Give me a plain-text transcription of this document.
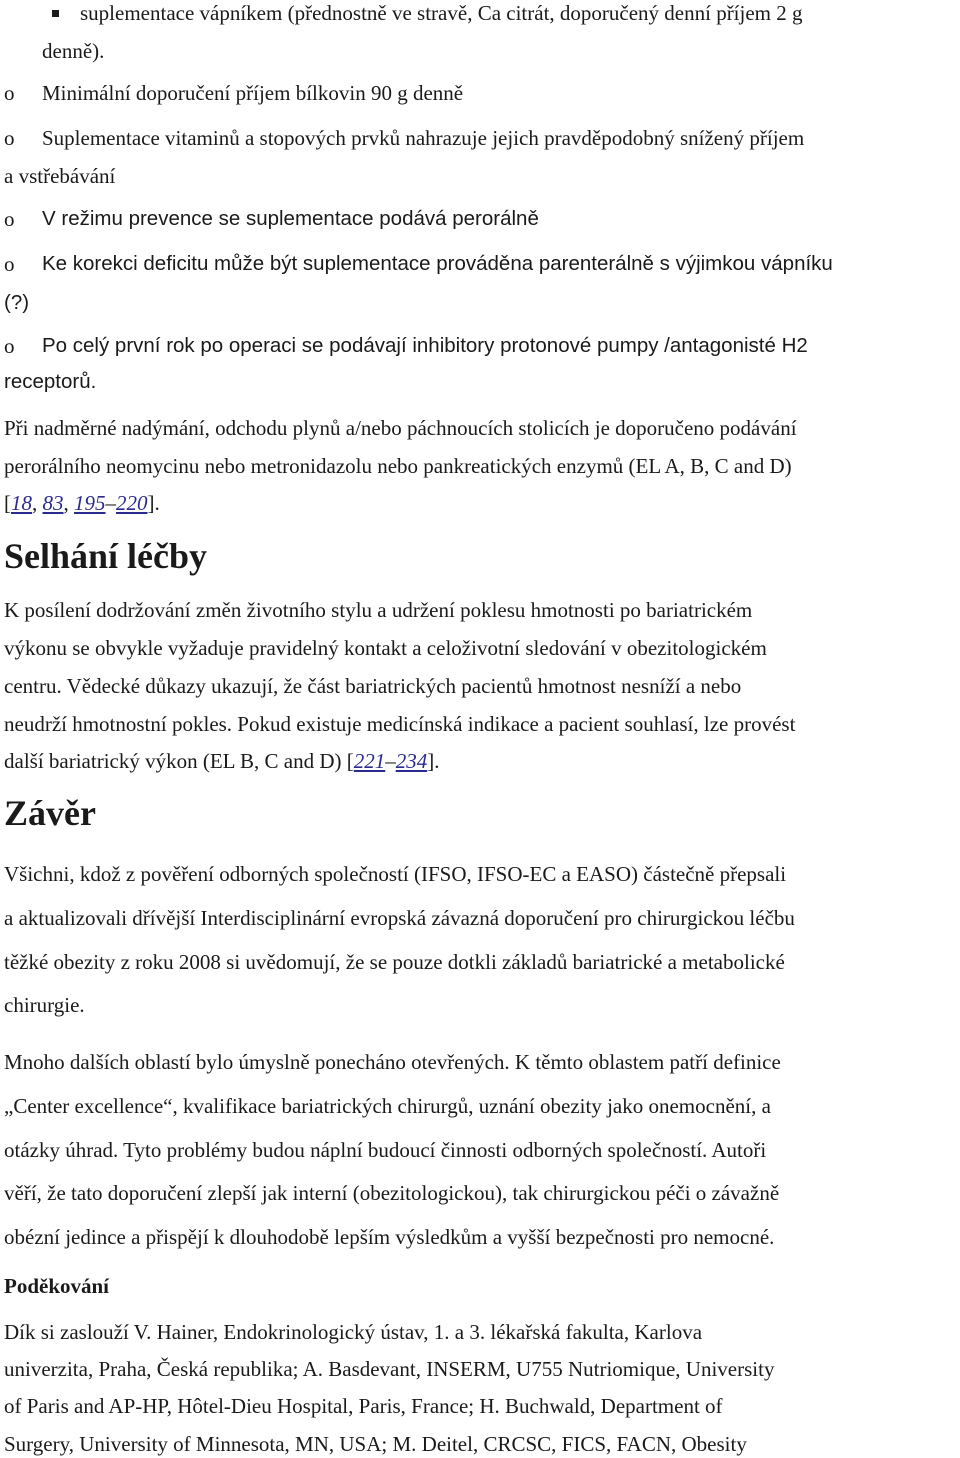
suplementace vápníkem (přednostně ve stravě, Ca citrát, doporučený denní příjem 2 g
denně).
o Minimální doporučení příjem bílkovin 90 g denně
o Suplementace vitaminů a stopových prvků nahrazuje jejich pravděpodobný snížený příjem
a vstřebávání
o V režimu prevence se suplementace podává perorálně
o Ke korekci deficitu může být suplementace prováděna parenterálně s výjimkou vápníku
(?)
o Po celý první rok po operaci se podávají inhibitory protonové pumpy /antagonisté H2
receptorů.
Při nadměrné nadýmání, odchodu plynů a/nebo páchnoucích stolicích je doporučeno podávání
perorálního neomycinu nebo metronidazolu nebo pankreatických enzymů (EL A, B, C and D)
[18, 83, 195–220].
Selhání léčby
K posílení dodržování změn životního stylu a udržení poklesu hmotnosti po bariatrickém
výkonu se obvykle vyžaduje pravidelný kontakt a celoživotní sledování v obezitologickém
centru. Vědecké důkazy ukazují, že část bariatrických pacientů hmotnost nesníží a nebo
neudrží hmotnostní pokles. Pokud existuje medicínská indikace a pacient souhlasí, lze provést
další bariatrický výkon (EL B, C and D) [221–234].
Závěr
Všichni, kdož z pověření odborných společností (IFSO, IFSO-EC a EASO) částečně přepsali
a aktualizovali dřívější Interdisciplinární evropská závazná doporučení pro chirurgickou léčbu
těžké obezity z roku 2008 si uvědomují, že se pouze dotkli základů bariatrické a metabolické
chirurgie.
Mnoho dalších oblastí bylo úmyslně ponecháno otevřených. K těmto oblastem patří definice
„Center excellence“, kvalifikace bariatrických chirurgů, uznání obezity jako onemocnění, a
otázky úhrad. Tyto problémy budou náplní budoucí činnosti odborných společností. Autoři
věří, že tato doporučení zlepší jak interní (obezitologickou), tak chirurgickou péči o závažně
obézní jedince a přispějí k dlouhodobě lepším výsledkům a vyšší bezpečnosti pro nemocné.
Poděkování
Dík si zaslouží V. Hainer, Endokrinologický ústav, 1. a 3. lékařská fakulta, Karlova
univerzita, Praha, Česká republika; A. Basdevant, INSERM, U755 Nutriomique, University
of Paris and AP-HP, Hôtel-Dieu Hospital, Paris, France; H. Buchwald, Department of
Surgery, University of Minnesota, MN, USA; M. Deitel, CRCSC, FICS, FACN, Obesity
